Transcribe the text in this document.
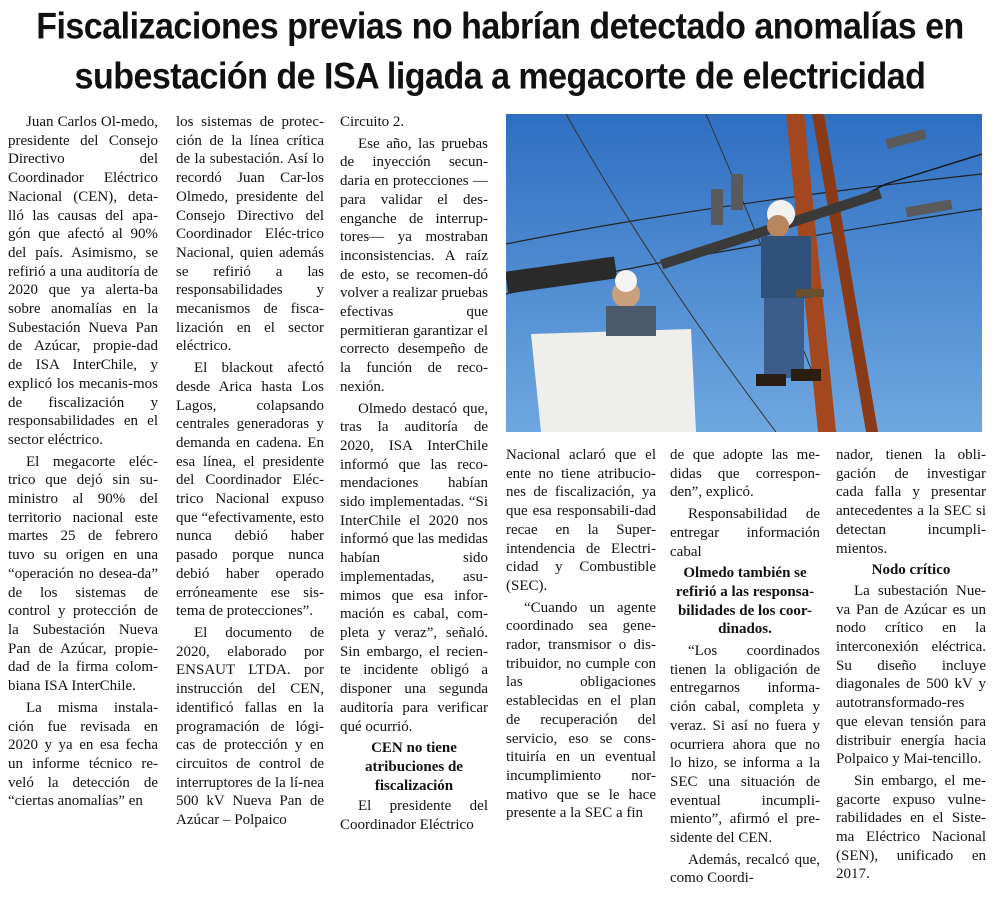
Fiscalizaciones previas no habrían detectado anomalías en subestación de ISA ligada a megacorte de electricidad

Juan Carlos Ol-medo, presidente del Consejo Directivo del Coordinador Eléctrico Nacional (CEN), deta-lló las causas del apa-gón que afectó al 90% del país. Asimismo, se refirió a una auditoría de 2020 que ya alerta-ba sobre anomalías en la Subestación Nueva Pan de Azúcar, propie-dad de ISA InterChile, y explicó los mecanis-mos de fiscalización y responsabilidades en el sector eléctrico.

El megacorte eléc-trico que dejó sin su-ministro al 90% del territorio nacional este martes 25 de febrero tuvo su origen en una “operación no desea-da” de los sistemas de control y protección de la Subestación Nueva Pan de Azúcar, propie-dad de la firma colom-biana ISA InterChile.

La misma instala-ción fue revisada en 2020 y ya en esa fecha un informe técnico re-veló la detección de “ciertas anomalías” en

los sistemas de protec-ción de la línea crítica de la subestación. Así lo recordó Juan Car-los Olmedo, presidente del Consejo Directivo del Coordinador Eléc-trico Nacional, quien además se refirió a las responsabilidades y mecanismos de fisca-lización en el sector eléctrico.

El blackout afectó desde Arica hasta Los Lagos, colapsando centrales generadoras y demanda en cadena. En esa línea, el presidente del Coordinador Eléc-trico Nacional expuso que “efectivamente, esto nunca debió haber pasado porque nunca debió haber operado erróneamente ese sis-tema de protecciones”.

El documento de 2020, elaborado por ENSAUT LTDA. por instrucción del CEN, identificó fallas en la programación de lógi-cas de protección y en circuitos de control de interruptores de la lí-nea 500 kV Nueva Pan de Azúcar – Polpaico

Circuito 2.

Ese año, las pruebas de inyección secun-daria en protecciones —para validar el des-enganche de interrup-tores— ya mostraban inconsistencias. A raíz de esto, se recomen-dó volver a realizar pruebas efectivas que permitieran garantizar el correcto desempeño de la función de reco-nexión.

Olmedo destacó que, tras la auditoría de 2020, ISA InterChile informó que las reco-mendaciones habían sido implementadas. “Si InterChile el 2020 nos informó que las medidas habían sido implementadas, asu-mimos que esa infor-mación es cabal, com-pleta y veraz”, señaló. Sin embargo, el recien-te incidente obligó a disponer una segunda auditoría para verificar qué ocurrió.

CEN no tiene atribuciones de fiscalización

El presidente del Coordinador Eléctrico

Nacional aclaró que el ente no tiene atribucio-nes de fiscalización, ya que esa responsabili-dad recae en la Super-intendencia de Electri-cidad y Combustible (SEC).

“Cuando un agente coordinado sea gene-rador, transmisor o dis-tribuidor, no cumple con las obligaciones establecidas en el plan de recuperación del servicio, eso se cons-tituiría en un eventual incumplimiento nor-mativo que se le hace presente a la SEC a fin

de que adopte las me-didas que correspon-den”, explicó.

Responsabilidad de entregar información cabal

Olmedo también se refirió a las responsa-bilidades de los coor-dinados.

“Los coordinados tienen la obligación de entregarnos informa-ción cabal, completa y veraz. Si así no fuera y ocurriera ahora que no lo hizo, se informa a la SEC una situación de eventual incumpli-miento”, afirmó el pre-sidente del CEN.

Además, recalcó que, como Coordi-

nador, tienen la obli-gación de investigar cada falla y presentar antecedentes a la SEC si detectan incumpli-mientos.

Nodo crítico

La subestación Nue-va Pan de Azúcar es un nodo crítico en la interconexión eléctrica. Su diseño incluye diagonales de 500 kV y autotransformado-res que elevan tensión para distribuir energía hacia Polpaico y Mai-tencillo.

Sin embargo, el me-gacorte expuso vulne-rabilidades en el Siste-ma Eléctrico Nacional (SEN), unificado en 2017.
